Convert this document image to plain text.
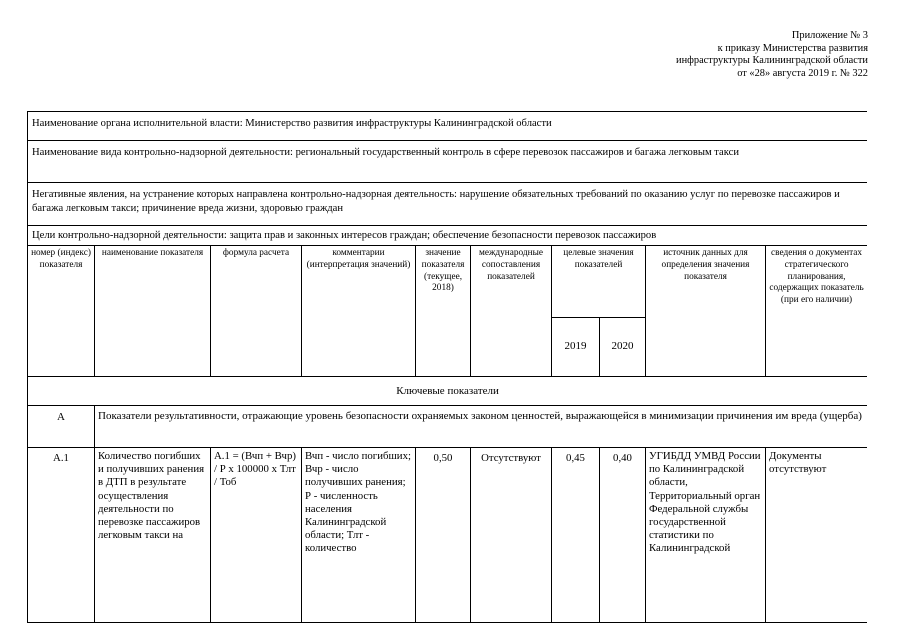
Приложение № 3
к приказу Министерства развития
инфраструктуры Калининградской области
от «28» августа 2019 г. № 322
Наименование органа исполнительной власти: Министерство развития инфраструктуры Калининградской области									
Наименование вида контрольно-надзорной деятельности: региональный государственный контроль в сфере перевозок пассажиров и багажа легковым такси									
Негативные явления, на устранение которых направлена контрольно-надзорная деятельность: нарушение обязательных требований по оказанию услуг по перевозке пассажиров и багажа легковым такси; причинение вреда жизни, здоровью граждан									
Цели контрольно-надзорной деятельности: защита прав и законных интересов граждан; обеспечение безопасности перевозок пассажиров									
номер (индекс) показателя	наименование показателя	формула расчета	комментарии (интерпретация значений)	значение показателя (текущее, 2018)	международные сопоставления показателей	целевые значения показателей		источник данных для определения значения показателя	сведения о документах стратегического планирования, содержащих показатель (при его наличии)
						2019	2020		
Ключевые показатели									
А	Показатели результативности, отражающие уровень безопасности охраняемых законом ценностей, выражающейся в минимизации причинения им вреда (ущерба)								
А.1	Количество погибших и получивших ранения в ДТП в результате осуществления деятельности по перевозке пассажиров легковым такси на	А.1 = (Вчп + Вчр) / Р х 100000 х Тлт / Тоб	Вчп - число погибших; Вчр - число получивших ранения; Р - численность населения Калининградской области; Тлт - количество	0,50	Отсутствуют	0,45	0,40	УГИБДД УМВД России по Калининградской области, Территориальный орган Федеральной службы государственной статистики по Калининградской	Документы отсутствуют
